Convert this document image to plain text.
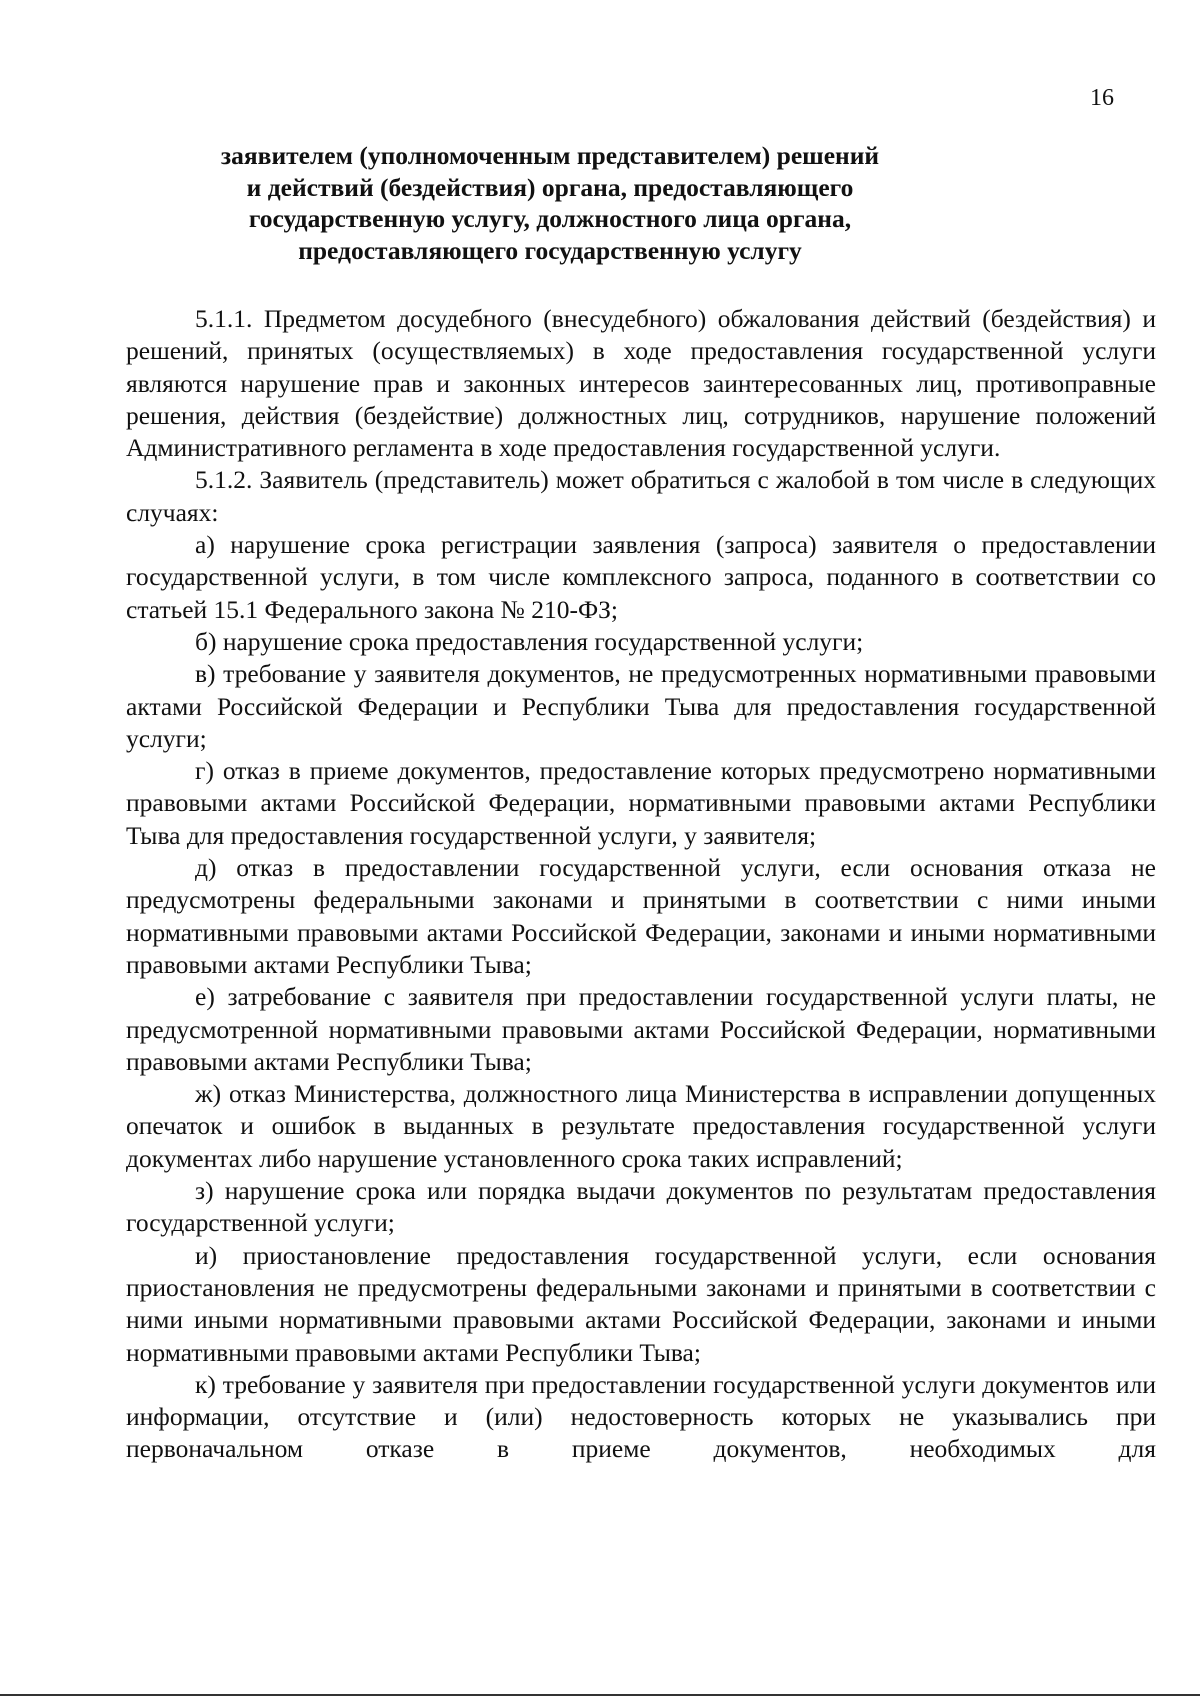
16
заявителем (уполномоченным представителем) решений
и действий (бездействия) органа, предоставляющего
государственную услугу, должностного лица органа,
предоставляющего государственную услугу

5.1.1. Предметом досудебного (внесудебного) обжалования действий (бездействия) и решений, принятых (осуществляемых) в ходе предоставления государственной услуги являются нарушение прав и законных интересов заинтересованных лиц, противоправные решения, действия (бездействие) должностных лиц, сотрудников, нарушение положений Административного регламента в ходе предоставления государственной услуги.

5.1.2. Заявитель (представитель) может обратиться с жалобой в том числе в следующих случаях:

а) нарушение срока регистрации заявления (запроса) заявителя о предоставлении государственной услуги, в том числе комплексного запроса, поданного в соответствии со статьей 15.1 Федерального закона № 210-ФЗ;

б) нарушение срока предоставления государственной услуги;

в) требование у заявителя документов, не предусмотренных нормативными правовыми актами Российской Федерации и Республики Тыва для предоставления государственной услуги;

г) отказ в приеме документов, предоставление которых предусмотрено нормативными правовыми актами Российской Федерации, нормативными правовыми актами Республики Тыва для предоставления государственной услуги, у заявителя;

д) отказ в предоставлении государственной услуги, если основания отказа не предусмотрены федеральными законами и принятыми в соответствии с ними иными нормативными правовыми актами Российской Федерации, законами и иными нормативными правовыми актами Республики Тыва;

е) затребование с заявителя при предоставлении государственной услуги платы, не предусмотренной нормативными правовыми актами Российской Федерации, нормативными правовыми актами Республики Тыва;

ж) отказ Министерства, должностного лица Министерства в исправлении допущенных опечаток и ошибок в выданных в результате предоставления государственной услуги документах либо нарушение установленного срока таких исправлений;

з) нарушение срока или порядка выдачи документов по результатам предоставления государственной услуги;

и) приостановление предоставления государственной услуги, если основания приостановления не предусмотрены федеральными законами и принятыми в соответствии с ними иными нормативными правовыми актами Российской Федерации, законами и иными нормативными правовыми актами Республики Тыва;

к) требование у заявителя при предоставлении государственной услуги документов или информации, отсутствие и (или) недостоверность которых не указывались при первоначальном отказе в приеме документов, необходимых для
